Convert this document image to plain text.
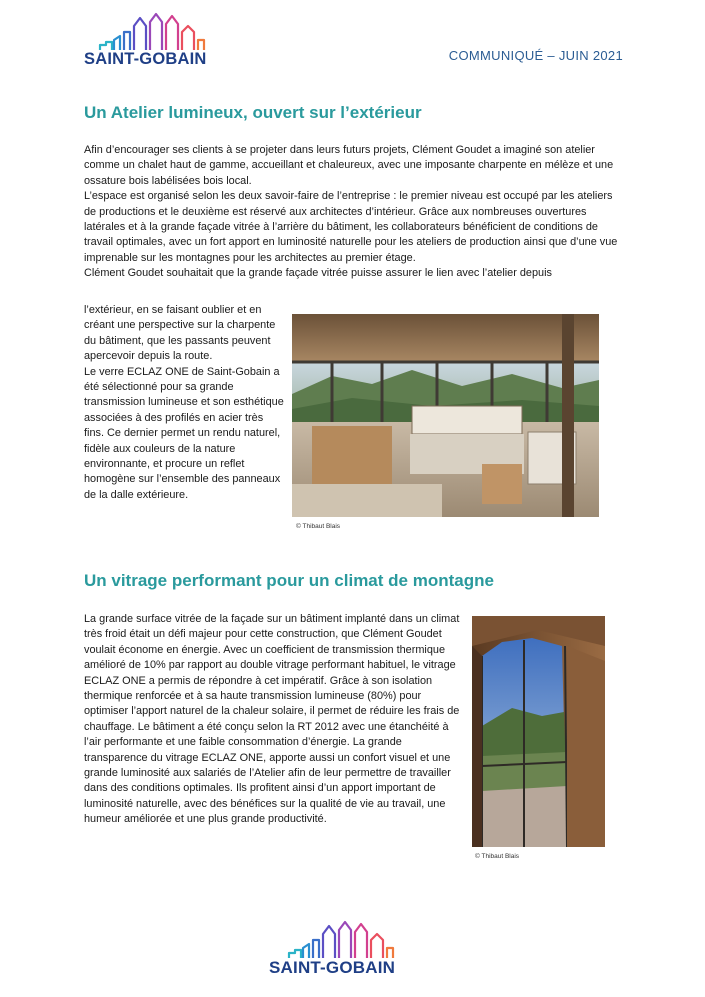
SAINT-GOBAIN	COMMUNIQUÉ – JUIN 2021
Un Atelier lumineux, ouvert sur l’extérieur

Afin d’encourager ses clients à se projeter dans leurs futurs projets, Clément Goudet a imaginé son atelier comme un chalet haut de gamme, accueillant et chaleureux, avec une imposante charpente en mélèze et une ossature bois labélisées bois local.

L’espace est organisé selon les deux savoir-faire de l’entreprise : le premier niveau est occupé par les ateliers de productions et le deuxième est réservé aux architectes d’intérieur. Grâce aux nombreuses ouvertures latérales et à la grande façade vitrée à l’arrière du bâtiment, les collaborateurs bénéficient de conditions de travail optimales, avec un fort apport en luminosité naturelle pour les ateliers de production ainsi que d’une vue imprenable sur les montagnes pour les architectes au premier étage.

Clément Goudet souhaitait que la grande façade vitrée puisse assurer le lien avec l’atelier depuis

l’extérieur, en se faisant oublier et en créant une perspective sur la charpente du bâtiment, que les passants peuvent apercevoir depuis la route.

Le verre ECLAZ ONE de Saint-Gobain a été sélectionné pour sa grande transmission lumineuse et son esthétique associées à des profilés en acier très fins. Ce dernier permet un rendu naturel, fidèle aux couleurs de la nature environnante, et procure un reflet homogène sur l’ensemble des panneaux de la dalle extérieure.

© Thibaut Blais
Un vitrage performant pour un climat de montagne

La grande surface vitrée de la façade sur un bâtiment implanté dans un climat très froid était un défi majeur pour cette construction, que Clément Goudet voulait économe en énergie. Avec un coefficient de transmission thermique amélioré de 10% par rapport au double vitrage performant habituel, le vitrage ECLAZ ONE a permis de répondre à cet impératif. Grâce à son isolation thermique renforcée et à sa haute transmission lumineuse (80%) pour optimiser l’apport naturel de la chaleur solaire, il permet de réduire les frais de chauffage. Le bâtiment a été conçu selon la RT 2012 avec une étanchéité à l’air performante et une faible consommation d’énergie. La grande transparence du vitrage ECLAZ ONE, apporte aussi un confort visuel et une grande luminosité aux salariés de l’Atelier afin de leur permettre de travailler dans des conditions optimales. Ils profitent ainsi d’un apport important de luminosité naturelle, avec des bénéfices sur la qualité de vie au travail, une humeur améliorée et une plus grande productivité.

© Thibaut Blais
SAINT-GOBAIN
